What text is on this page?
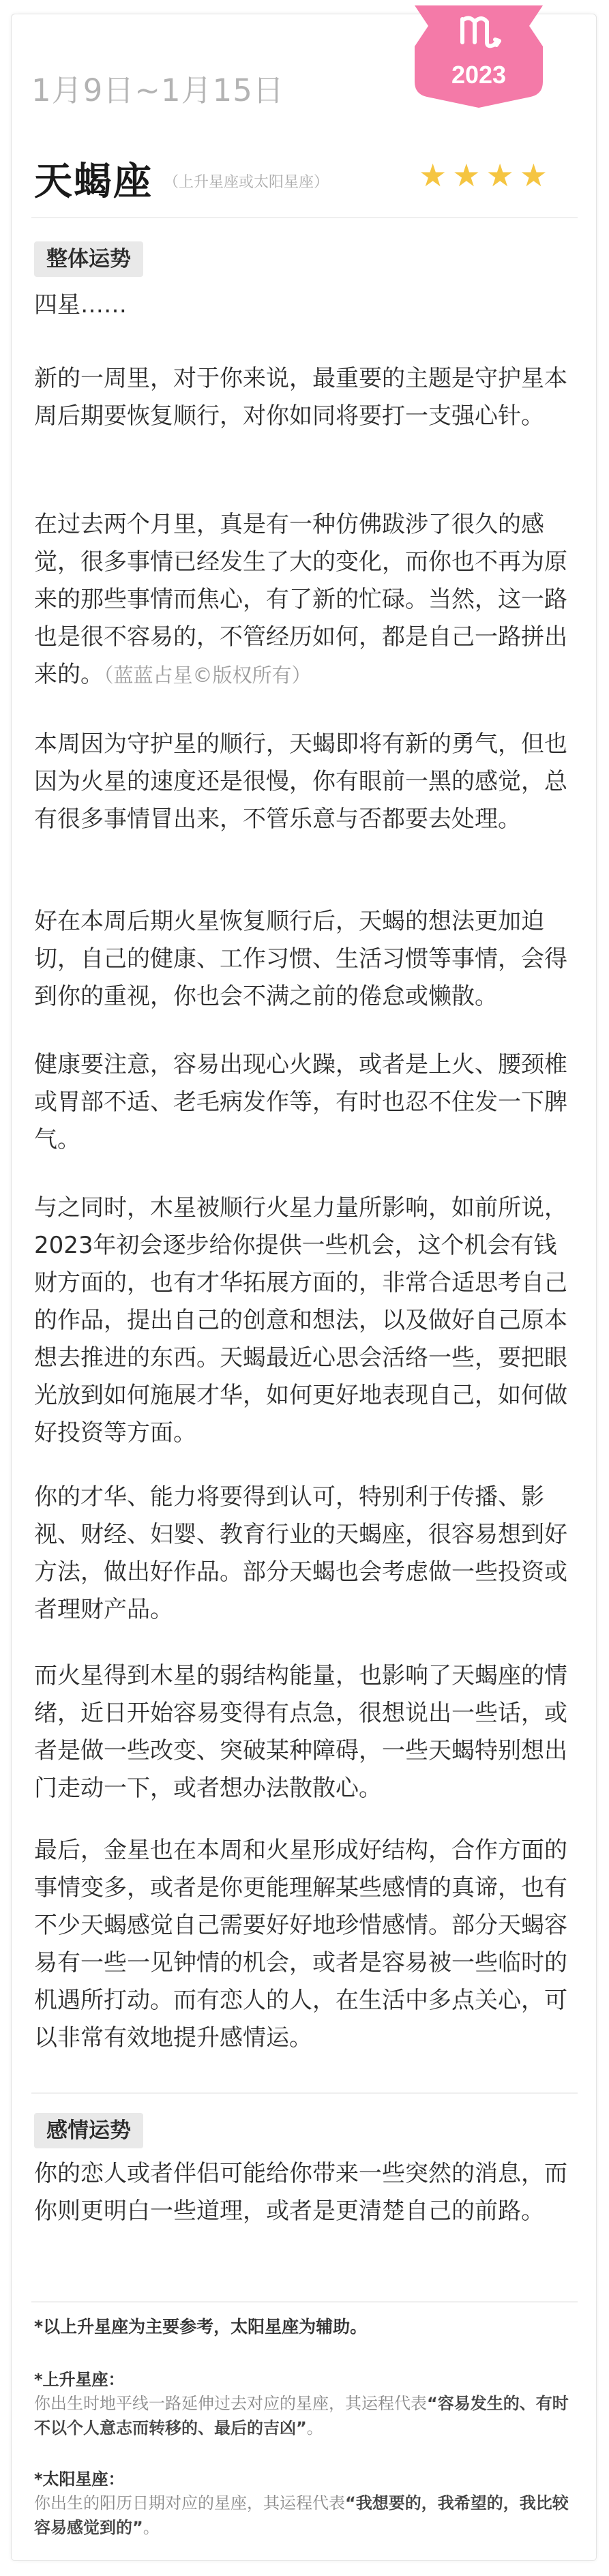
1月9日~1月15日	2023
天蝎座 （上升星座或太阳星座）	★★★★
整体运势

四星……

新的一周里，对于你来说，最重要的主题是守护星本周后期要恢复顺行，对你如同将要打一支强心针。

在过去两个月里，真是有一种仿佛跋涉了很久的感觉，很多事情已经发生了大的变化，而你也不再为原来的那些事情而焦心，有了新的忙碌。当然，这一路也是很不容易的，不管经历如何，都是自己一路拼出来的。（蓝蓝占星©版权所有）

本周因为守护星的顺行，天蝎即将有新的勇气，但也因为火星的速度还是很慢，你有眼前一黑的感觉，总有很多事情冒出来，不管乐意与否都要去处理。

好在本周后期火星恢复顺行后，天蝎的想法更加迫切，自己的健康、工作习惯、生活习惯等事情，会得到你的重视，你也会不满之前的倦怠或懒散。

健康要注意，容易出现心火躁，或者是上火、腰颈椎或胃部不适、老毛病发作等，有时也忍不住发一下脾气。

与之同时，木星被顺行火星力量所影响，如前所说，2023年初会逐步给你提供一些机会，这个机会有钱财方面的，也有才华拓展方面的，非常合适思考自己的作品，提出自己的创意和想法，以及做好自己原本想去推进的东西。天蝎最近心思会活络一些，要把眼光放到如何施展才华，如何更好地表现自己，如何做好投资等方面。

你的才华、能力将要得到认可，特别利于传播、影视、财经、妇婴、教育行业的天蝎座，很容易想到好方法，做出好作品。部分天蝎也会考虑做一些投资或者理财产品。

而火星得到木星的弱结构能量，也影响了天蝎座的情绪，近日开始容易变得有点急，很想说出一些话，或者是做一些改变、突破某种障碍，一些天蝎特别想出门走动一下，或者想办法散散心。

最后，金星也在本周和火星形成好结构，合作方面的事情变多，或者是你更能理解某些感情的真谛，也有不少天蝎感觉自己需要好好地珍惜感情。部分天蝎容易有一些一见钟情的机会，或者是容易被一些临时的机遇所打动。而有恋人的人，在生活中多点关心，可以非常有效地提升感情运。

感情运势

你的恋人或者伴侣可能给你带来一些突然的消息，而你则更明白一些道理，或者是更清楚自己的前路。

*以上升星座为主要参考，太阳星座为辅助。

*上升星座：

你出生时地平线一路延伸过去对应的星座，其运程代表“容易发生的、有时不以个人意志而转移的、最后的吉凶”。

*太阳星座：

你出生的阳历日期对应的星座，其运程代表“我想要的，我希望的，我比较容易感觉到的”。
